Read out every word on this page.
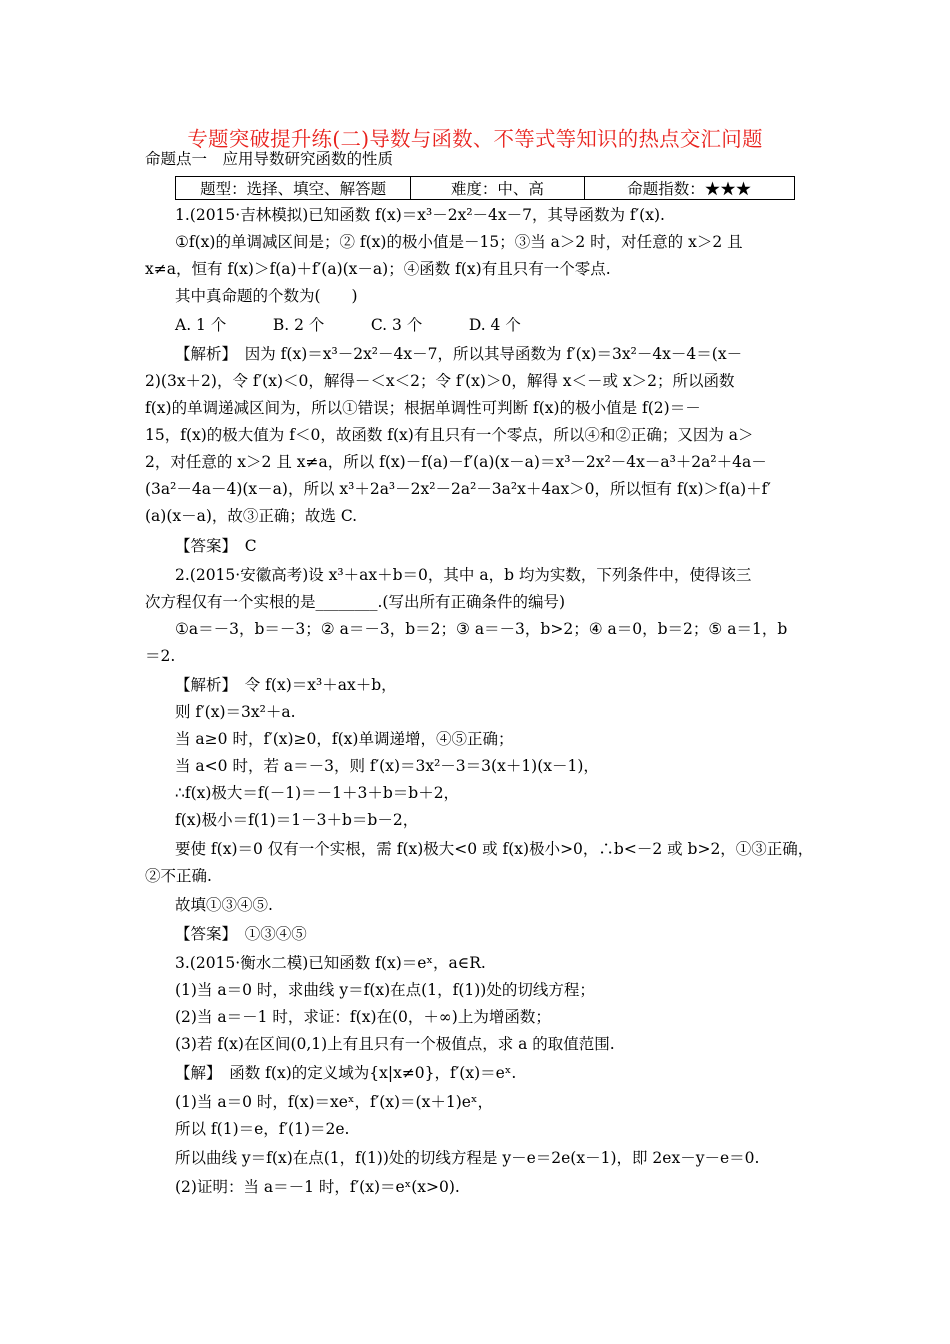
专题突破提升练(二)导数与函数、不等式等知识的热点交汇问题
命题点一　应用导数研究函数的性质
题型：选择、填空、解答题	难度：中、高	命题指数：★★★
1.(2015·吉林模拟)已知函数 f(x)＝x³－2x²－4x－7，其导函数为 f′(x).
①f(x)的单调减区间是；② f(x)的极小值是－15；③当 a＞2 时，对任意的 x＞2 且
x≠a，恒有 f(x)＞f(a)＋f′(a)(x－a)；④函数 f(x)有且只有一个零点.
其中真命题的个数为(　　)
A. 1 个　　　B. 2 个　　　C. 3 个　　　D. 4 个
【解析】　因为 f(x)＝x³－2x²－4x－7，所以其导函数为 f′(x)＝3x²－4x－4＝(x－
2)(3x＋2)，令 f′(x)＜0，解得－＜x＜2；令 f′(x)＞0，解得 x＜－或 x＞2；所以函数
f(x)的单调递减区间为，所以①错误；根据单调性可判断 f(x)的极小值是 f(2)＝－
15，f(x)的极大值为 f＜0，故函数 f(x)有且只有一个零点，所以④和②正确；又因为 a＞
2，对任意的 x＞2 且 x≠a，所以 f(x)－f(a)－f′(a)(x－a)＝x³－2x²－4x－a³＋2a²＋4a－
(3a²－4a－4)(x－a)，所以 x³＋2a³－2x²－2a²－3a²x＋4ax＞0，所以恒有 f(x)＞f(a)＋f′
(a)(x－a)，故③正确；故选 C.
【答案】　C
2.(2015·安徽高考)设 x³＋ax＋b＝0，其中 a，b 均为实数，下列条件中，使得该三
次方程仅有一个实根的是________.(写出所有正确条件的编号)
①a＝－3，b＝－3；② a＝－3，b＝2；③ a＝－3，b>2；④ a＝0，b＝2；⑤ a＝1，b
＝2.
【解析】　令 f(x)＝x³＋ax＋b，
则 f′(x)＝3x²＋a.
当 a≥0 时，f′(x)≥0，f(x)单调递增，④⑤正确；
当 a<0 时，若 a＝－3，则 f′(x)＝3x²－3＝3(x＋1)(x－1)，
∴f(x)极大＝f(－1)＝－1＋3＋b＝b＋2，
f(x)极小＝f(1)＝1－3＋b＝b－2，
要使 f(x)＝0 仅有一个实根，需 f(x)极大<0 或 f(x)极小>0，∴b<－2 或 b>2，①③正确，
②不正确.
故填①③④⑤.
【答案】　①③④⑤
3.(2015·衡水二模)已知函数 f(x)＝eˣ，a∈R.
(1)当 a＝0 时，求曲线 y＝f(x)在点(1，f(1))处的切线方程；
(2)当 a＝－1 时，求证：f(x)在(0，＋∞)上为增函数；
(3)若 f(x)在区间(0,1)上有且只有一个极值点，求 a 的取值范围.
【解】　函数 f(x)的定义域为{x|x≠0}，f′(x)＝eˣ.
(1)当 a＝0 时，f(x)＝xeˣ，f′(x)＝(x＋1)eˣ，
所以 f(1)＝e，f′(1)＝2e.
所以曲线 y＝f(x)在点(1，f(1))处的切线方程是 y－e＝2e(x－1)，即 2ex－y－e＝0.
(2)证明：当 a＝－1 时，f′(x)＝eˣ(x>0).
